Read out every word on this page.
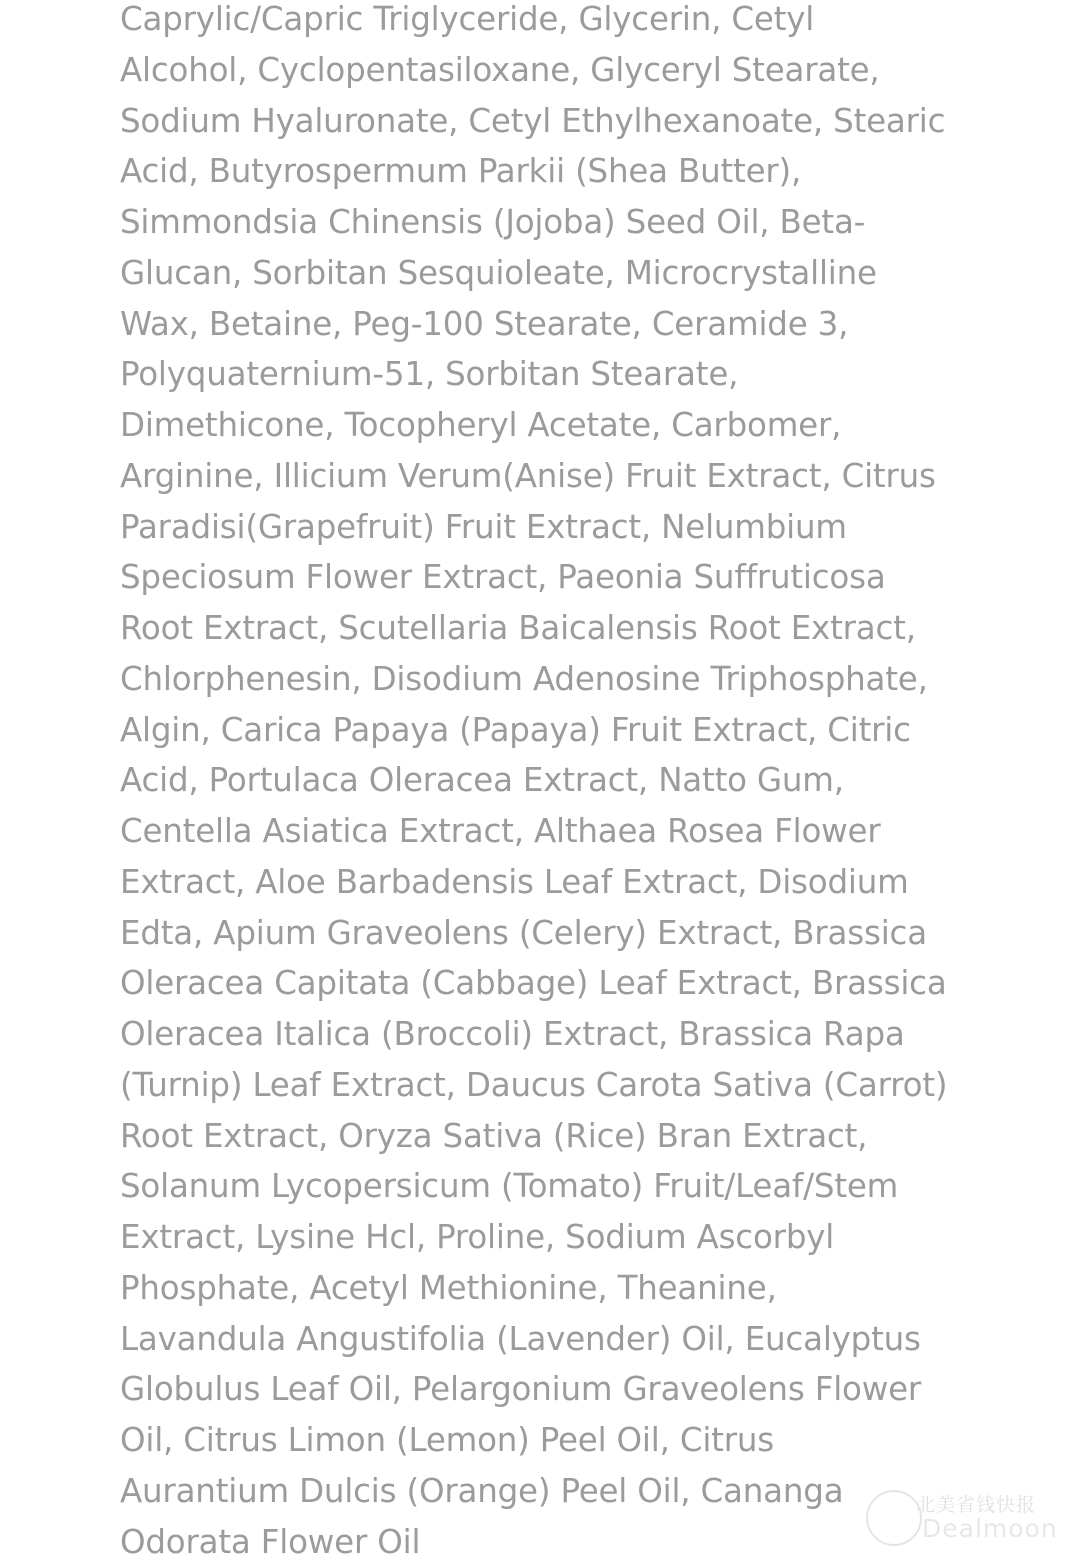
Caprylic/Capric Triglyceride, Glycerin, Cetyl
Alcohol, Cyclopentasiloxane, Glyceryl Stearate,
Sodium Hyaluronate, Cetyl Ethylhexanoate, Stearic
Acid, Butyrospermum Parkii (Shea Butter),
Simmondsia Chinensis (Jojoba) Seed Oil, Beta-
Glucan, Sorbitan Sesquioleate, Microcrystalline
Wax, Betaine, Peg-100 Stearate, Ceramide 3,
Polyquaternium-51, Sorbitan Stearate,
Dimethicone, Tocopheryl Acetate, Carbomer,
Arginine, Illicium Verum(Anise) Fruit Extract, Citrus
Paradisi(Grapefruit) Fruit Extract, Nelumbium
Speciosum Flower Extract, Paeonia Suffruticosa
Root Extract, Scutellaria Baicalensis Root Extract,
Chlorphenesin, Disodium Adenosine Triphosphate,
Algin, Carica Papaya (Papaya) Fruit Extract, Citric
Acid, Portulaca Oleracea Extract, Natto Gum,
Centella Asiatica Extract, Althaea Rosea Flower
Extract, Aloe Barbadensis Leaf Extract, Disodium
Edta, Apium Graveolens (Celery) Extract, Brassica
Oleracea Capitata (Cabbage) Leaf Extract, Brassica
Oleracea Italica (Broccoli) Extract, Brassica Rapa
(Turnip) Leaf Extract, Daucus Carota Sativa (Carrot)
Root Extract, Oryza Sativa (Rice) Bran Extract,
Solanum Lycopersicum (Tomato) Fruit/Leaf/Stem
Extract, Lysine Hcl, Proline, Sodium Ascorbyl
Phosphate, Acetyl Methionine, Theanine,
Lavandula Angustifolia (Lavender) Oil, Eucalyptus
Globulus Leaf Oil, Pelargonium Graveolens Flower
Oil, Citrus Limon (Lemon) Peel Oil, Citrus
Aurantium Dulcis (Orange) Peel Oil, Cananga
Odorata Flower Oil
北美省钱快报
Dealmoon
